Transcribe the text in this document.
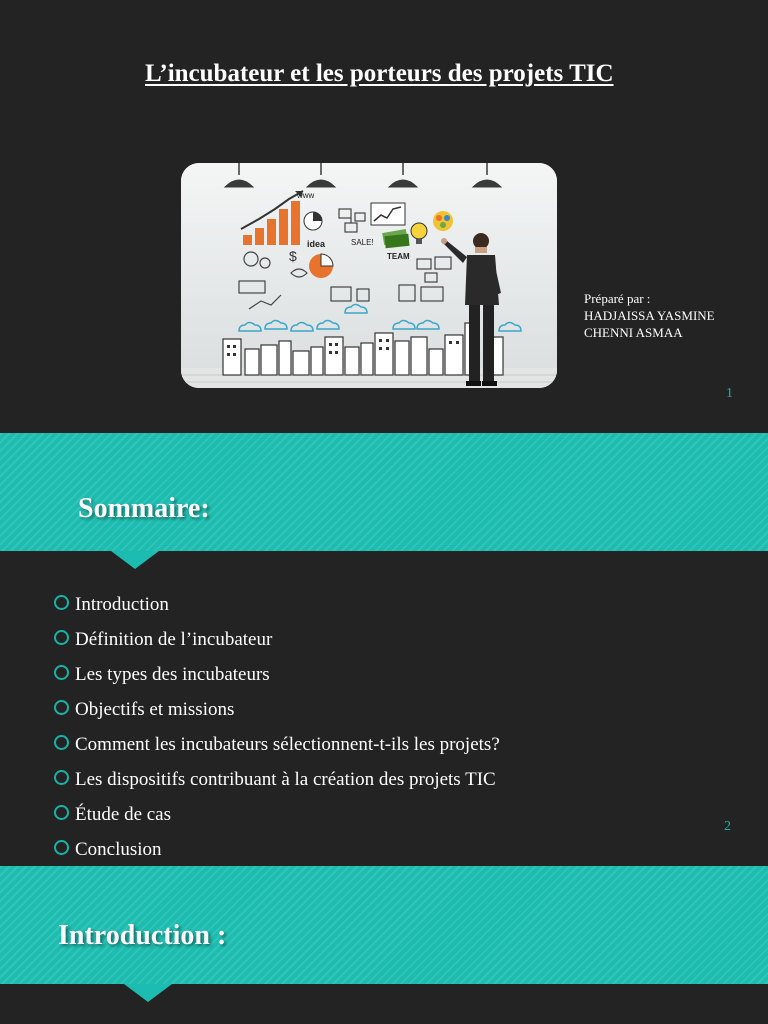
L’incubateur et les porteurs des projets TIC
idea
www
TEAM
SALE!
$
Préparé par :
HADJAISSA YASMINE
CHENNI ASMAA
1
Sommaire:
Introduction
Définition de l’incubateur
Les types des incubateurs
Objectifs et missions
Comment les incubateurs sélectionnent-t-ils les projets?
Les dispositifs contribuant à la création des projets TIC
Étude de cas
Conclusion
2
Introduction :
